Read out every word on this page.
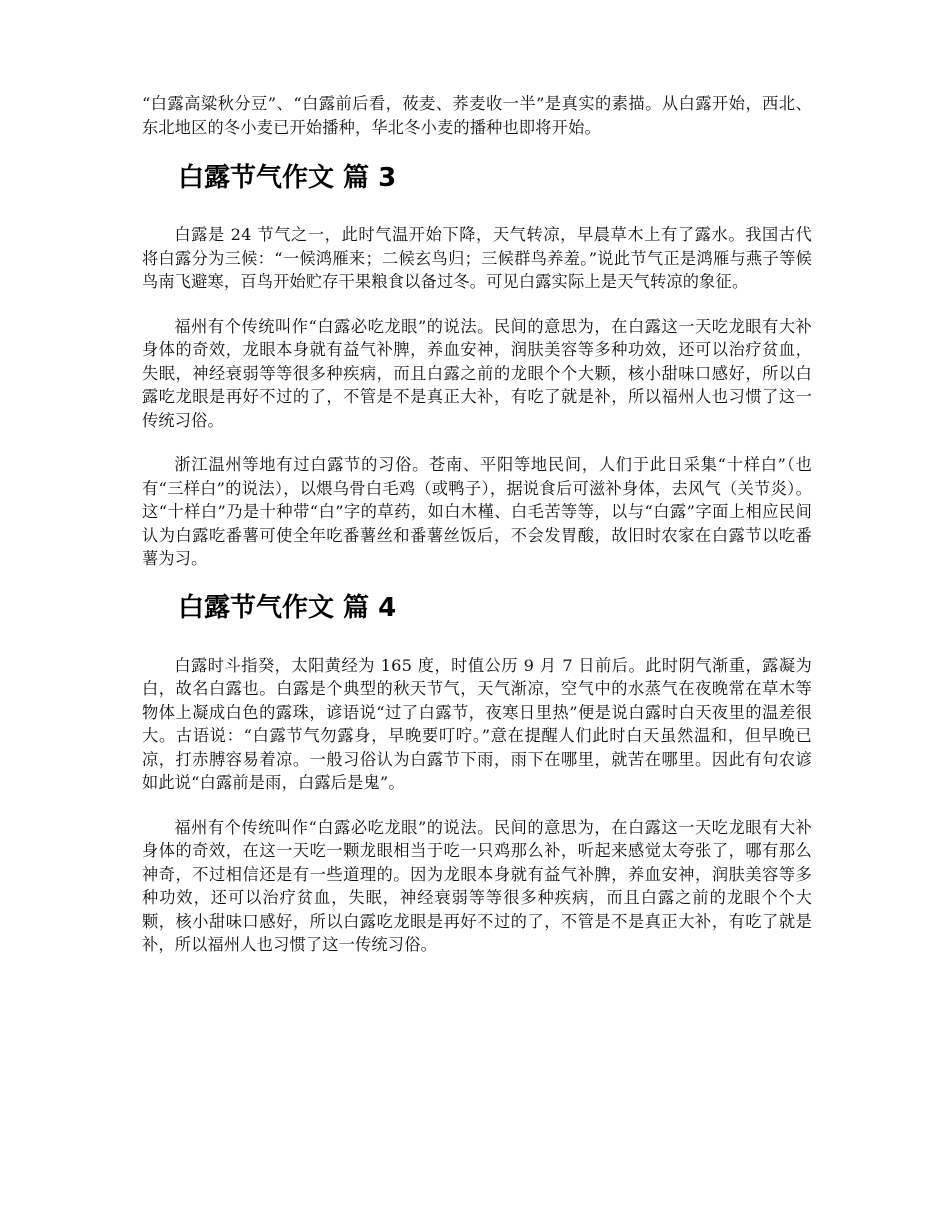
“白露高粱秋分豆”、“白露前后看，莜麦、荞麦收一半”是真实的素描。从白露开始，西北、东北地区的冬小麦已开始播种，华北冬小麦的播种也即将开始。

白露节气作文 篇 3

白露是 24 节气之一，此时气温开始下降，天气转凉，早晨草木上有了露水。我国古代将白露分为三候：“一候鸿雁来；二候玄鸟归；三候群鸟养羞。”说此节气正是鸿雁与燕子等候鸟南飞避寒，百鸟开始贮存干果粮食以备过冬。可见白露实际上是天气转凉的象征。

福州有个传统叫作“白露必吃龙眼”的说法。民间的意思为，在白露这一天吃龙眼有大补身体的奇效，龙眼本身就有益气补脾，养血安神，润肤美容等多种功效，还可以治疗贫血，失眠，神经衰弱等等很多种疾病，而且白露之前的龙眼个个大颗，核小甜味口感好，所以白露吃龙眼是再好不过的了，不管是不是真正大补，有吃了就是补，所以福州人也习惯了这一传统习俗。

浙江温州等地有过白露节的习俗。苍南、平阳等地民间，人们于此日采集“十样白”（也有“三样白”的说法），以煨乌骨白毛鸡（或鸭子），据说食后可滋补身体，去风气（关节炎）。这“十样白”乃是十种带“白”字的草药，如白木槿、白毛苦等等，以与“白露”字面上相应民间认为白露吃番薯可使全年吃番薯丝和番薯丝饭后，不会发胃酸，故旧时农家在白露节以吃番薯为习。

白露节气作文 篇 4

白露时斗指癸，太阳黄经为 165 度，时值公历 9 月 7 日前后。此时阴气渐重，露凝为白，故名白露也。白露是个典型的秋天节气，天气渐凉，空气中的水蒸气在夜晚常在草木等物体上凝成白色的露珠，谚语说“过了白露节，夜寒日里热”便是说白露时白天夜里的温差很大。古语说：“白露节气勿露身，早晚要叮咛。”意在提醒人们此时白天虽然温和，但早晚已凉，打赤膊容易着凉。一般习俗认为白露节下雨，雨下在哪里，就苦在哪里。因此有句农谚如此说“白露前是雨，白露后是鬼”。

福州有个传统叫作“白露必吃龙眼”的说法。民间的意思为，在白露这一天吃龙眼有大补身体的奇效，在这一天吃一颗龙眼相当于吃一只鸡那么补，听起来感觉太夸张了，哪有那么神奇，不过相信还是有一些道理的。因为龙眼本身就有益气补脾，养血安神，润肤美容等多种功效，还可以治疗贫血，失眠，神经衰弱等等很多种疾病，而且白露之前的龙眼个个大颗，核小甜味口感好，所以白露吃龙眼是再好不过的了，不管是不是真正大补，有吃了就是补，所以福州人也习惯了这一传统习俗。
